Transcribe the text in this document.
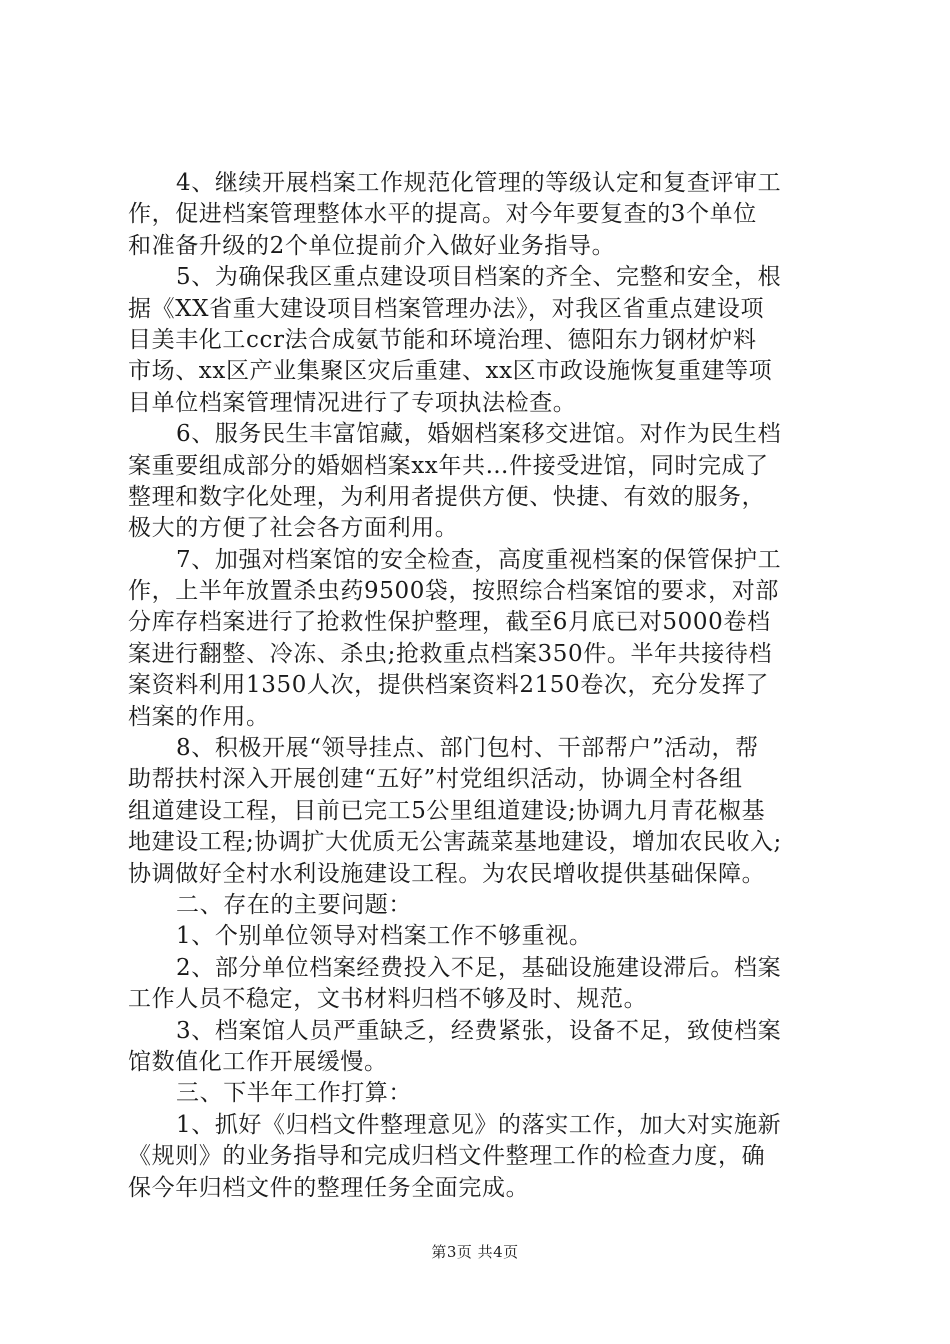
4、继续开展档案工作规范化管理的等级认定和复查评审工
作，促进档案管理整体水平的提高。对今年要复查的3个单位
和准备升级的2个单位提前介入做好业务指导。
5、为确保我区重点建设项目档案的齐全、完整和安全，根
据《XX省重大建设项目档案管理办法》，对我区省重点建设项
目美丰化工ccr法合成氨节能和环境治理、德阳东力钢材炉料
市场、xx区产业集聚区灾后重建、xx区市政设施恢复重建等项
目单位档案管理情况进行了专项执法检查。
6、服务民生丰富馆藏，婚姻档案移交进馆。对作为民生档
案重要组成部分的婚姻档案xx年共…件接受进馆，同时完成了
整理和数字化处理，为利用者提供方便、快捷、有效的服务，
极大的方便了社会各方面利用。
7、加强对档案馆的安全检查，高度重视档案的保管保护工
作，上半年放置杀虫药9500袋，按照综合档案馆的要求，对部
分库存档案进行了抢救性保护整理，截至6月底已对5000卷档
案进行翻整、冷冻、杀虫;抢救重点档案350件。半年共接待档
案资料利用1350人次，提供档案资料2150卷次，充分发挥了
档案的作用。
8、积极开展“领导挂点、部门包村、干部帮户”活动，帮
助帮扶村深入开展创建“五好”村党组织活动，协调全村各组
组道建设工程，目前已完工5公里组道建设;协调九月青花椒基
地建设工程;协调扩大优质无公害蔬菜基地建设，增加农民收入;
协调做好全村水利设施建设工程。为农民增收提供基础保障。
二、存在的主要问题：
1、个别单位领导对档案工作不够重视。
2、部分单位档案经费投入不足，基础设施建设滞后。档案
工作人员不稳定，文书材料归档不够及时、规范。
3、档案馆人员严重缺乏，经费紧张，设备不足，致使档案
馆数值化工作开展缓慢。
三、下半年工作打算：
1、抓好《归档文件整理意见》的落实工作，加大对实施新
《规则》的业务指导和完成归档文件整理工作的检查力度，确
保今年归档文件的整理任务全面完成。
第3页 共4页
